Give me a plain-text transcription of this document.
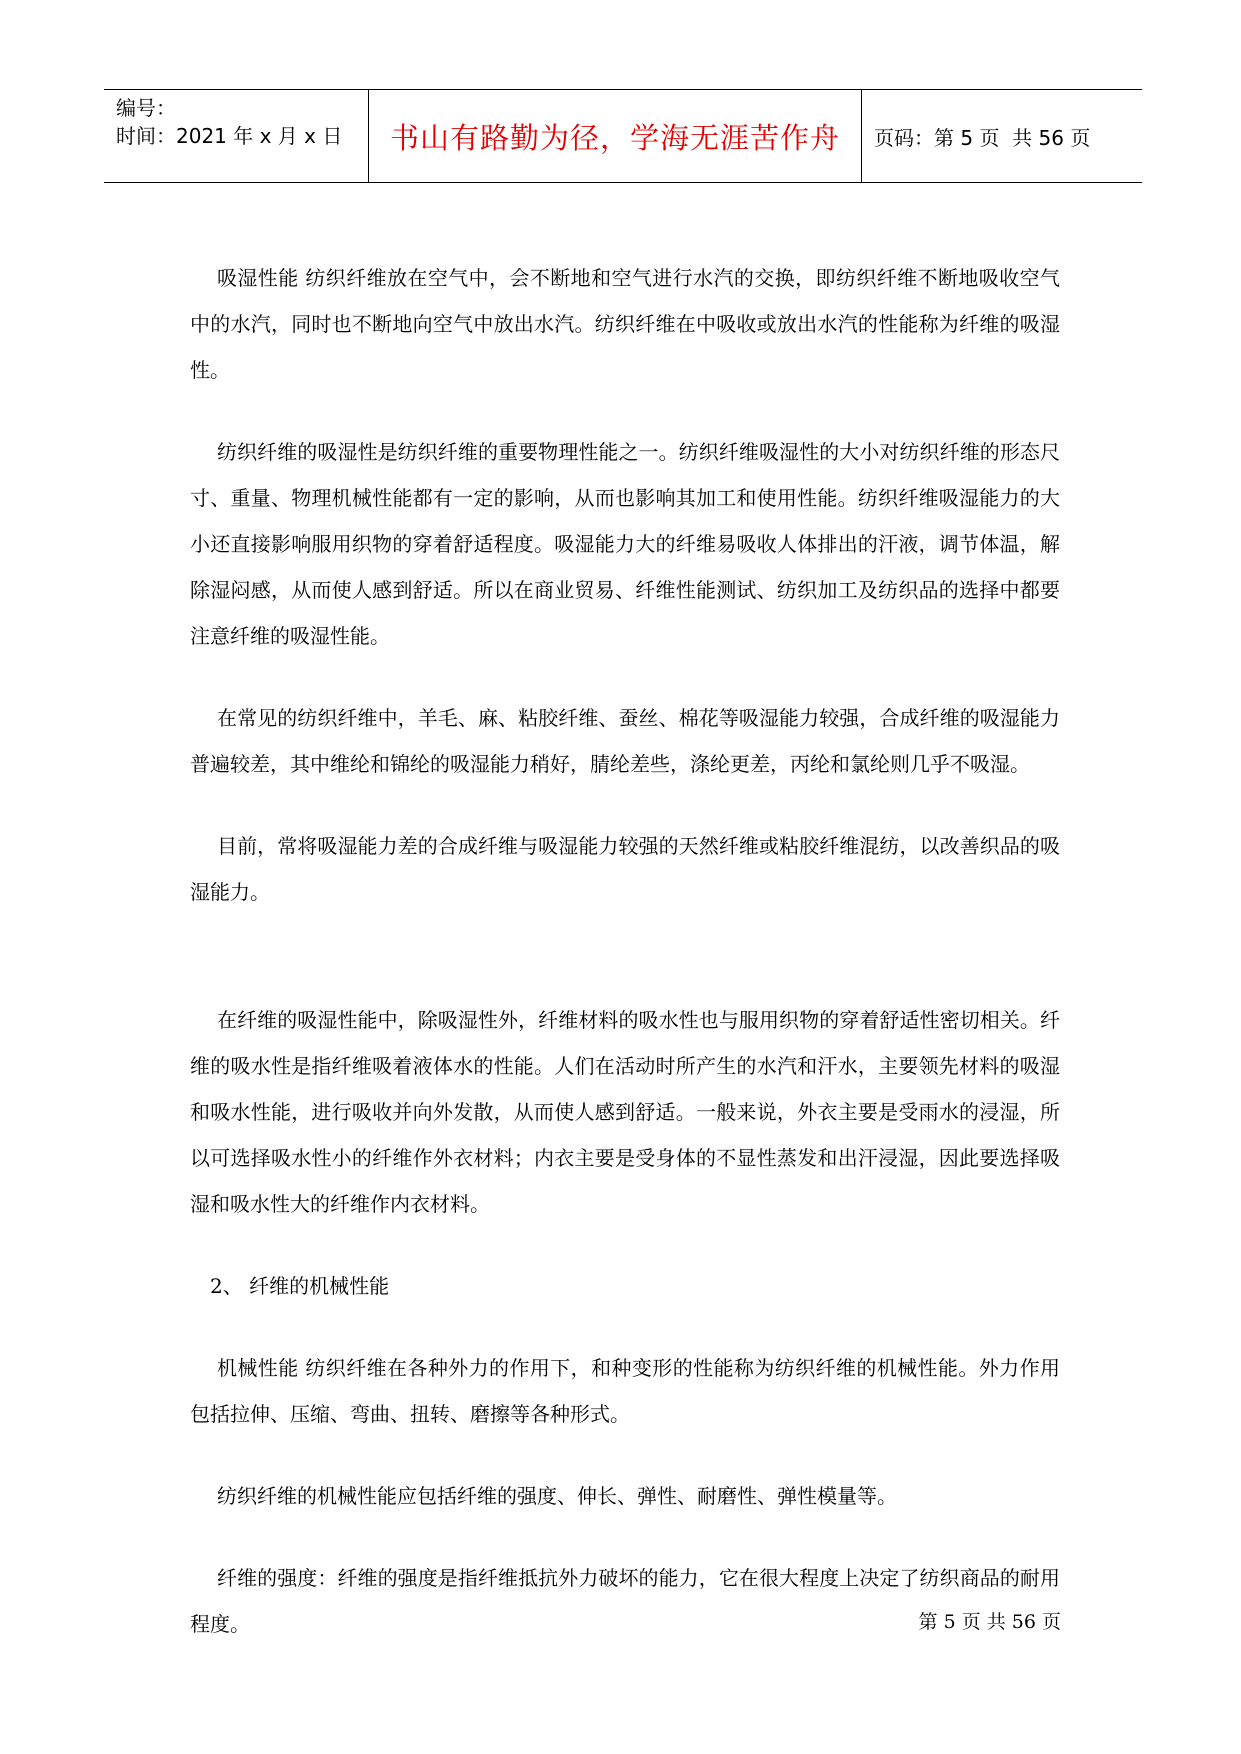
编号：
时间：2021 年 x 月 x 日	书山有路勤为径，学海无涯苦作舟	页码：第 5 页  共 56 页

吸湿性能 纺织纤维放在空气中，会不断地和空气进行水汽的交换，即纺织纤维不断地吸收空气中的水汽，同时也不断地向空气中放出水汽。纺织纤维在中吸收或放出水汽的性能称为纤维的吸湿性。

纺织纤维的吸湿性是纺织纤维的重要物理性能之一。纺织纤维吸湿性的大小对纺织纤维的形态尺寸、重量、物理机械性能都有一定的影响，从而也影响其加工和使用性能。纺织纤维吸湿能力的大小还直接影响服用织物的穿着舒适程度。吸湿能力大的纤维易吸收人体排出的汗液，调节体温，解除湿闷感，从而使人感到舒适。所以在商业贸易、纤维性能测试、纺织加工及纺织品的选择中都要注意纤维的吸湿性能。

在常见的纺织纤维中，羊毛、麻、粘胶纤维、蚕丝、棉花等吸湿能力较强，合成纤维的吸湿能力普遍较差，其中维纶和锦纶的吸湿能力稍好，腈纶差些，涤纶更差，丙纶和氯纶则几乎不吸湿。

目前，常将吸湿能力差的合成纤维与吸湿能力较强的天然纤维或粘胶纤维混纺，以改善织品的吸湿能力。

在纤维的吸湿性能中，除吸湿性外，纤维材料的吸水性也与服用织物的穿着舒适性密切相关。纤维的吸水性是指纤维吸着液体水的性能。人们在活动时所产生的水汽和汗水，主要领先材料的吸湿和吸水性能，进行吸收并向外发散，从而使人感到舒适。一般来说，外衣主要是受雨水的浸湿，所以可选择吸水性小的纤维作外衣材料；内衣主要是受身体的不显性蒸发和出汗浸湿，因此要选择吸湿和吸水性大的纤维作内衣材料。

2、 纤维的机械性能

机械性能 纺织纤维在各种外力的作用下，和种变形的性能称为纺织纤维的机械性能。外力作用包括拉伸、压缩、弯曲、扭转、磨擦等各种形式。

纺织纤维的机械性能应包括纤维的强度、伸长、弹性、耐磨性、弹性模量等。

纤维的强度：纤维的强度是指纤维抵抗外力破坏的能力，它在很大程度上决定了纺织商品的耐用程度。	第 5 页 共 56 页
